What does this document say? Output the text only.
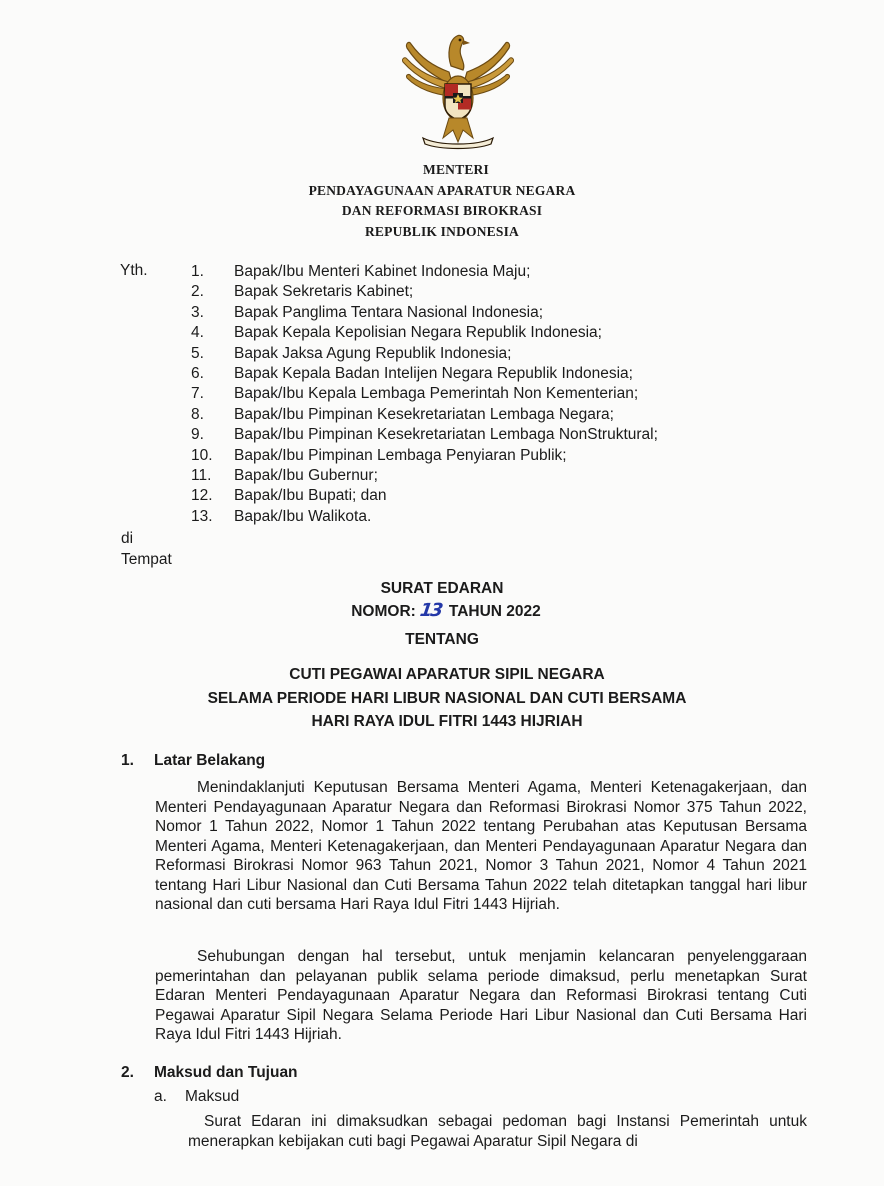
MENTERI
PENDAYAGUNAAN APARATUR NEGARA
DAN REFORMASI BIROKRASI
REPUBLIK INDONESIA
Yth.	1.	Bapak/Ibu Menteri Kabinet Indonesia Maju;
2.	Bapak Sekretaris Kabinet;
3.	Bapak Panglima Tentara Nasional Indonesia;
4.	Bapak Kepala Kepolisian Negara Republik Indonesia;
5.	Bapak Jaksa Agung Republik Indonesia;
6.	Bapak Kepala Badan Intelijen Negara Republik Indonesia;
7.	Bapak/Ibu Kepala Lembaga Pemerintah Non Kementerian;
8.	Bapak/Ibu Pimpinan Kesekretariatan Lembaga Negara;
9.	Bapak/Ibu Pimpinan Kesekretariatan Lembaga NonStruktural;
10.	Bapak/Ibu Pimpinan Lembaga Penyiaran Publik;
11.	Bapak/Ibu Gubernur;
12.	Bapak/Ibu Bupati; dan
13.	Bapak/Ibu Walikota.
di
Tempat
SURAT EDARAN
NOMOR: 13 TAHUN 2022
TENTANG
CUTI PEGAWAI APARATUR SIPIL NEGARA
SELAMA PERIODE HARI LIBUR NASIONAL DAN CUTI BERSAMA
HARI RAYA IDUL FITRI 1443 HIJRIAH
1. Latar Belakang

Menindaklanjuti Keputusan Bersama Menteri Agama, Menteri Ketenagakerjaan, dan Menteri Pendayagunaan Aparatur Negara dan Reformasi Birokrasi Nomor 375 Tahun 2022, Nomor 1 Tahun 2022, Nomor 1 Tahun 2022 tentang Perubahan atas Keputusan Bersama Menteri Agama, Menteri Ketenagakerjaan, dan Menteri Pendayagunaan Aparatur Negara dan Reformasi Birokrasi Nomor 963 Tahun 2021, Nomor 3 Tahun 2021, Nomor 4 Tahun 2021 tentang Hari Libur Nasional dan Cuti Bersama Tahun 2022 telah ditetapkan tanggal hari libur nasional dan cuti bersama Hari Raya Idul Fitri 1443 Hijriah.

Sehubungan dengan hal tersebut, untuk menjamin kelancaran penyelenggaraan pemerintahan dan pelayanan publik selama periode dimaksud, perlu menetapkan Surat Edaran Menteri Pendayagunaan Aparatur Negara dan Reformasi Birokrasi tentang Cuti Pegawai Aparatur Sipil Negara Selama Periode Hari Libur Nasional dan Cuti Bersama Hari Raya Idul Fitri 1443 Hijriah.

2. Maksud dan Tujuan
a. Maksud

Surat Edaran ini dimaksudkan sebagai pedoman bagi Instansi Pemerintah untuk menerapkan kebijakan cuti bagi Pegawai Aparatur Sipil Negara di
